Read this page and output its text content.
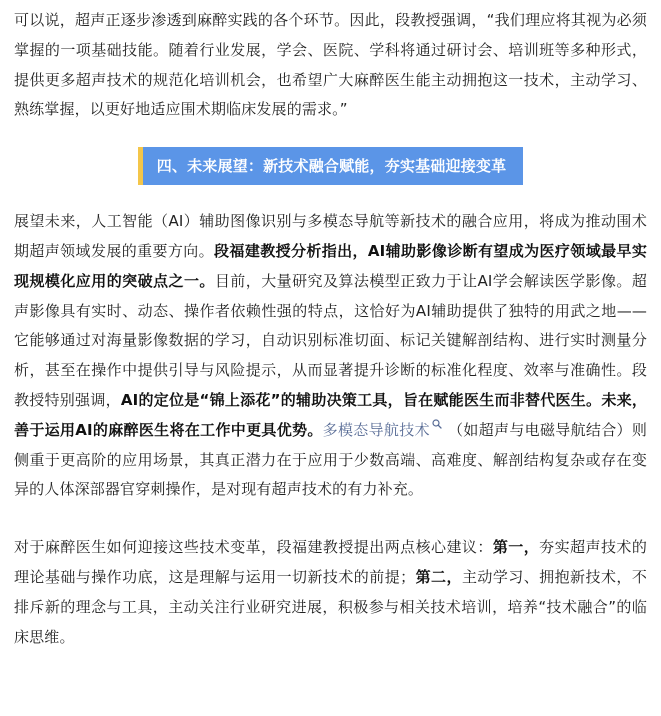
可以说，超声正逐步渗透到麻醉实践的各个环节。因此，段教授强调，“我们理应将其视为必须掌握的一项基础技能。随着行业发展，学会、医院、学科将通过研讨会、培训班等多种形式，提供更多超声技术的规范化培训机会，也希望广大麻醉医生能主动拥抱这一技术，主动学习、熟练掌握，以更好地适应围术期临床发展的需求。”

四、未来展望：新技术融合赋能，夯实基础迎接变革

展望未来，人工智能（AI）辅助图像识别与多模态导航等新技术的融合应用，将成为推动围术期超声领域发展的重要方向。段福建教授分析指出，AI辅助影像诊断有望成为医疗领域最早实现规模化应用的突破点之一。目前，大量研究及算法模型正致力于让AI学会解读医学影像。超声影像具有实时、动态、操作者依赖性强的特点，这恰好为AI辅助提供了独特的用武之地——它能够通过对海量影像数据的学习，自动识别标准切面、标记关键解剖结构、进行实时测量分析，甚至在操作中提供引导与风险提示，从而显著提升诊断的标准化程度、效率与准确性。段教授特别强调，AI的定位是“锦上添花”的辅助决策工具，旨在赋能医生而非替代医生。未来，善于运用AI的麻醉医生将在工作中更具优势。多模态导航技术 （如超声与电磁导航结合）则侧重于更高阶的应用场景，其真正潜力在于应用于少数高端、高难度、解剖结构复杂或存在变异的人体深部器官穿刺操作，是对现有超声技术的有力补充。

对于麻醉医生如何迎接这些技术变革，段福建教授提出两点核心建议：第一，夯实超声技术的理论基础与操作功底，这是理解与运用一切新技术的前提；第二，主动学习、拥抱新技术，不排斥新的理念与工具，主动关注行业研究进展，积极参与相关技术培训，培养“技术融合”的临床思维。
